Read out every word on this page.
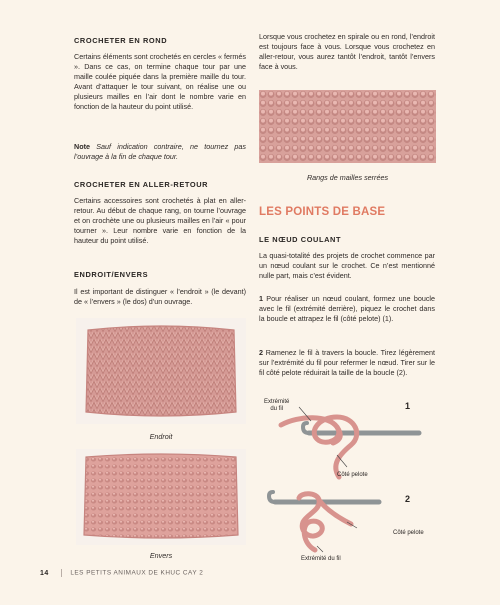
CROCHETER EN ROND
Certains éléments sont crochetés en cercles « fermés ». Dans ce cas, on termine chaque tour par une maille coulée piquée dans la première maille du tour. Avant d’attaquer le tour suivant, on réalise une ou plusieurs mailles en l’air dont le nombre varie en fonction de la hauteur du point utilisé.
Note Sauf indication contraire, ne tournez pas l’ouvrage à la fin de chaque tour.
CROCHETER EN ALLER-RETOUR
Certains accessoires sont crochetés à plat en aller-retour. Au début de chaque rang, on tourne l’ouvrage et on crochète une ou plusieurs mailles en l’air « pour tourner ». Leur nombre varie en fonction de la hauteur du point utilisé.
ENDROIT/ENVERS
Il est important de distinguer « l’endroit » (le devant) de « l’envers » (le dos) d’un ouvrage.
Endroit
Envers
Lorsque vous crochetez en spirale ou en rond, l’endroit est toujours face à vous. Lorsque vous crochetez en aller-retour, vous aurez tantôt l’endroit, tantôt l’envers face à vous.
Rangs de mailles serrées
LES POINTS DE BASE
LE NŒUD COULANT
La quasi-totalité des projets de crochet commence par un nœud coulant sur le crochet. Ce n’est mentionné nulle part, mais c’est évident.
1 Pour réaliser un nœud coulant, formez une boucle avec le fil (extrémité derrière), piquez le crochet dans la boucle et attrapez le fil (côté pelote) (1).
2 Ramenez le fil à travers la boucle. Tirez légèrement sur l’extrémité du fil pour refermer le nœud. Tirer sur le fil côté pelote réduirait la taille de la boucle (2).
1
Extrémité
du fil
Côté pelote
2
Côté pelote
Extrémité du fil
14	LES PETITS ANIMAUX DE KHUC CAY 2
